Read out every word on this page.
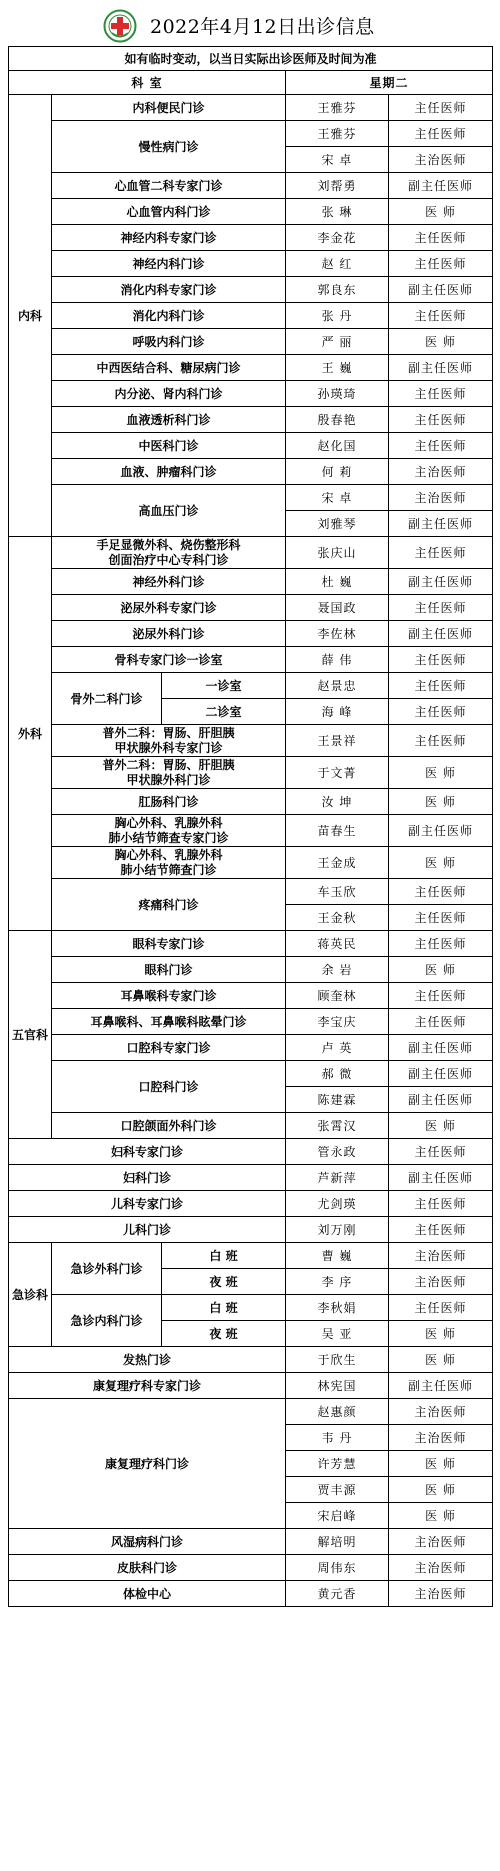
2022年4月12日出诊信息
如有临时变动，以当日实际出诊医师及时间为准				
科 室			星期二	
内科	内科便民门诊		王雅芬	主任医师
	慢性病门诊		王雅芬	主任医师
			宋 卓	主治医师
	心血管二科专家门诊		刘帮勇	副主任医师
	心血管内科门诊		张 琳	医 师
	神经内科专家门诊		李金花	主任医师
	神经内科门诊		赵 红	主任医师
	消化内科专家门诊		郭良东	副主任医师
	消化内科门诊		张 丹	主任医师
	呼吸内科门诊		严 丽	医 师
	中西医结合科、糖尿病门诊		王 巍	副主任医师
	内分泌、肾内科门诊		孙瑛琦	主任医师
	血液透析科门诊		殷春艳	主任医师
	中医科门诊		赵化国	主任医师
	血液、肿瘤科门诊		何 莉	主治医师
	高血压门诊		宋 卓	主治医师
			刘雅琴	副主任医师
外科	手足显微外科、烧伤整形科
创面治疗中心专科门诊		张庆山	主任医师
	神经外科门诊		杜 巍	副主任医师
	泌尿外科专家门诊		聂国政	主任医师
	泌尿外科门诊		李佐林	副主任医师
	骨科专家门诊一诊室		薛 伟	主任医师
	骨外二科门诊	一诊室	赵景忠	主任医师
		二诊室	海 峰	主任医师

	普外二科：胃肠、肝胆胰
甲状腺外科专家门诊		王景祥	主任医师

	普外二科：胃肠、肝胆胰
甲状腺外科门诊		于文菁	医 师
	肛肠科门诊		汝 坤	医 师

	胸心外科、乳腺外科
肺小结节筛查专家门诊		苗春生	副主任医师

	胸心外科、乳腺外科
肺小结节筛查门诊		王金成	医 师
	疼痛科门诊		车玉欣	主任医师
			王金秋	主任医师
五官科	眼科专家门诊		蒋英民	主任医师
	眼科门诊		余 岩	医 师
	耳鼻喉科专家门诊		顾奎林	主任医师
	耳鼻喉科、耳鼻喉科眩晕门诊		李宝庆	主任医师
	口腔科专家门诊		卢 英	副主任医师
	口腔科门诊		郝 微	副主任医师
			陈建霖	副主任医师
	口腔颌面外科门诊		张霄汉	医 师
妇科专家门诊			管永政	主任医师
妇科门诊			芦新萍	副主任医师
儿科专家门诊			尤剑瑛	主任医师
儿科门诊			刘万刚	主任医师
急诊科	急诊外科门诊	白 班	曹 巍	主治医师
		夜 班	李 序	主治医师
	急诊内科门诊	白 班	李秋娟	主任医师
		夜 班	吴 亚	医 师
发热门诊			于欣生	医 师
康复理疗科专家门诊			林宪国	副主任医师
康复理疗科门诊			赵惠颜	主治医师
			韦 丹	主治医师
			许芳慧	医 师
			贾丰源	医 师
			宋启峰	医 师
风湿病科门诊			解培明	主治医师
皮肤科门诊			周伟东	主治医师
体检中心			黄元香	主治医师
